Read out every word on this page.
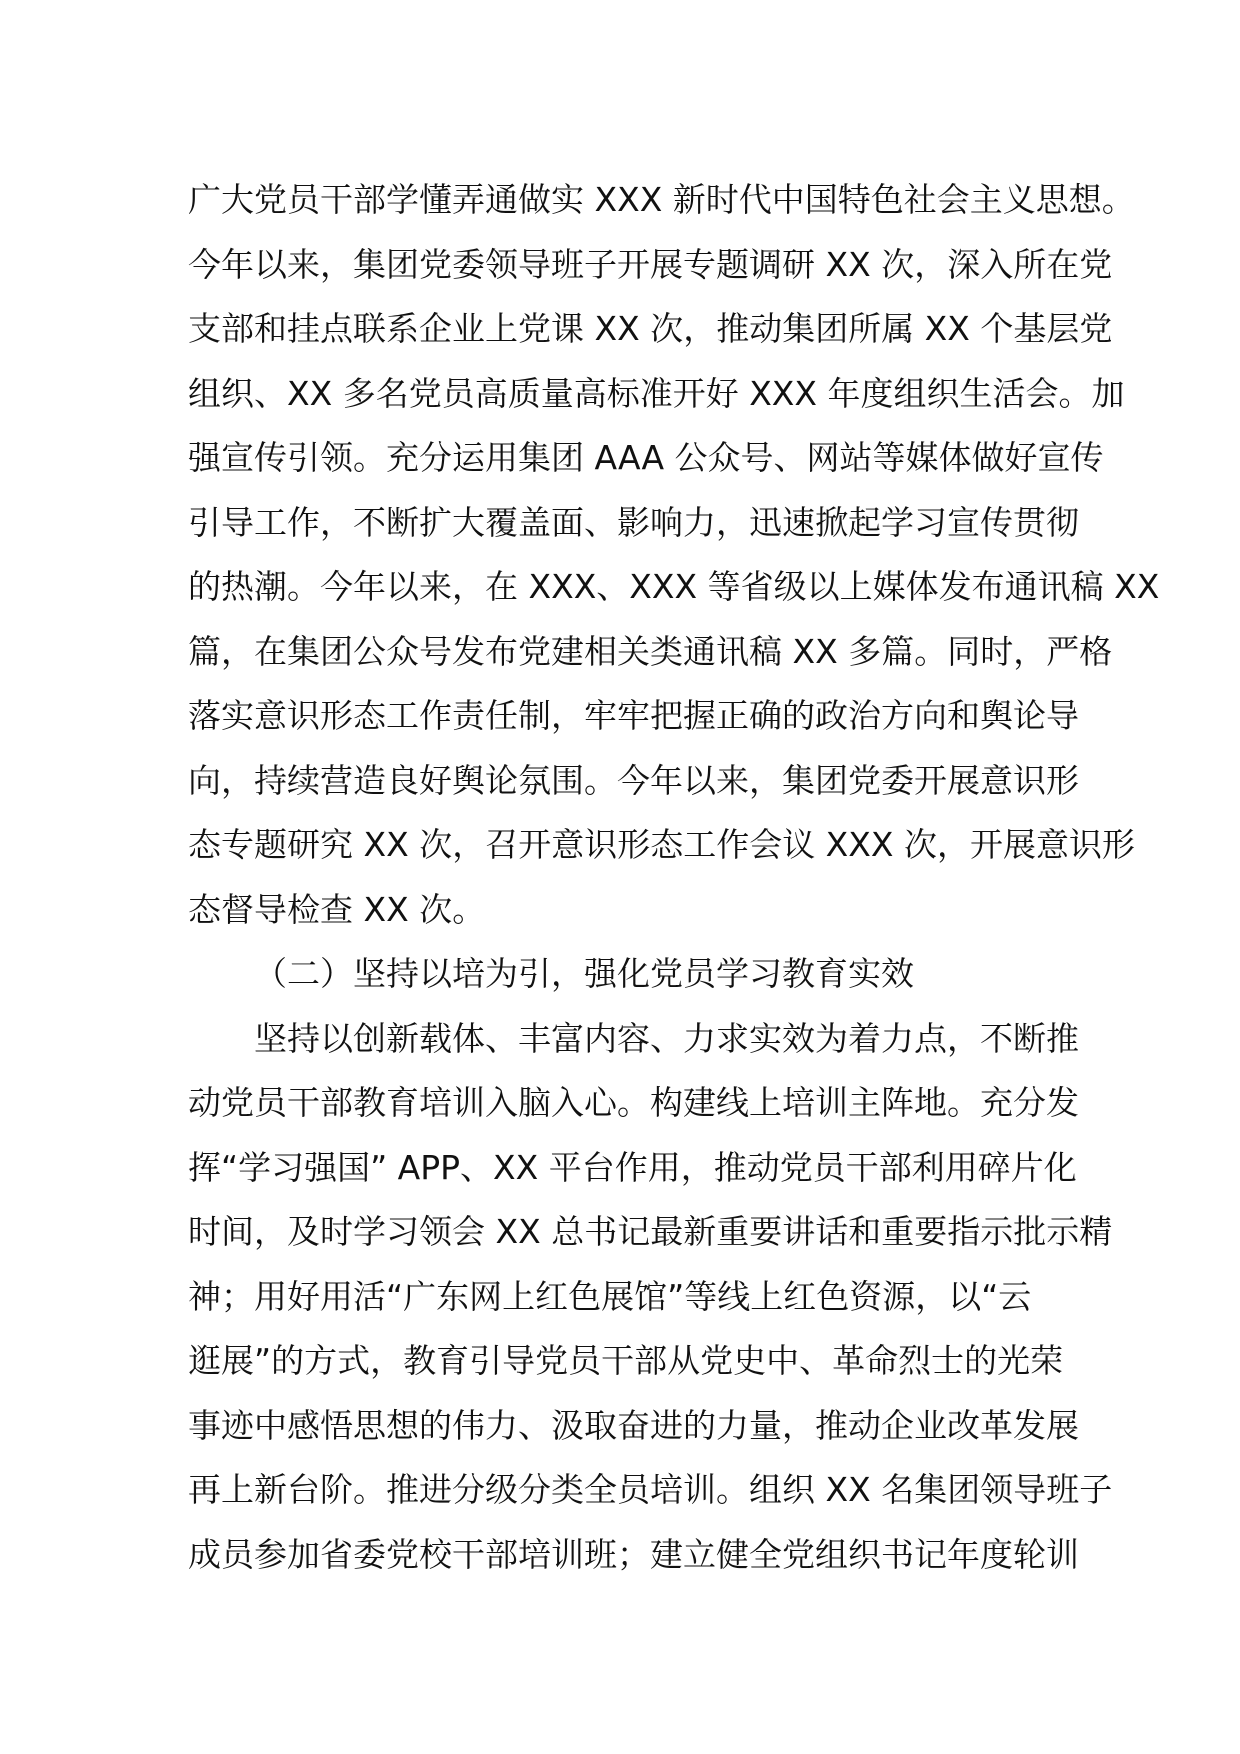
广大党员干部学懂弄通做实 XXX 新时代中国特色社会主义思想。
今年以来，集团党委领导班子开展专题调研 XX 次，深入所在党
支部和挂点联系企业上党课 XX 次，推动集团所属 XX 个基层党
组织、XX 多名党员高质量高标准开好 XXX 年度组织生活会。加
强宣传引领。充分运用集团 AAA 公众号、网站等媒体做好宣传
引导工作，不断扩大覆盖面、影响力，迅速掀起学习宣传贯彻
的热潮。今年以来，在 XXX、XXX 等省级以上媒体发布通讯稿 XX
篇，在集团公众号发布党建相关类通讯稿 XX 多篇。同时，严格
落实意识形态工作责任制，牢牢把握正确的政治方向和舆论导
向，持续营造良好舆论氛围。今年以来，集团党委开展意识形
态专题研究 XX 次，召开意识形态工作会议 XXX 次，开展意识形
态督导检查 XX 次。
（二）坚持以培为引，强化党员学习教育实效
坚持以创新载体、丰富内容、力求实效为着力点，不断推
动党员干部教育培训入脑入心。构建线上培训主阵地。充分发
挥“学习强国” APP、XX 平台作用，推动党员干部利用碎片化
时间，及时学习领会 XX 总书记最新重要讲话和重要指示批示精
神；用好用活“广东网上红色展馆”等线上红色资源，以“云
逛展”的方式，教育引导党员干部从党史中、革命烈士的光荣
事迹中感悟思想的伟力、汲取奋进的力量，推动企业改革发展
再上新台阶。推进分级分类全员培训。组织 XX 名集团领导班子
成员参加省委党校干部培训班；建立健全党组织书记年度轮训
